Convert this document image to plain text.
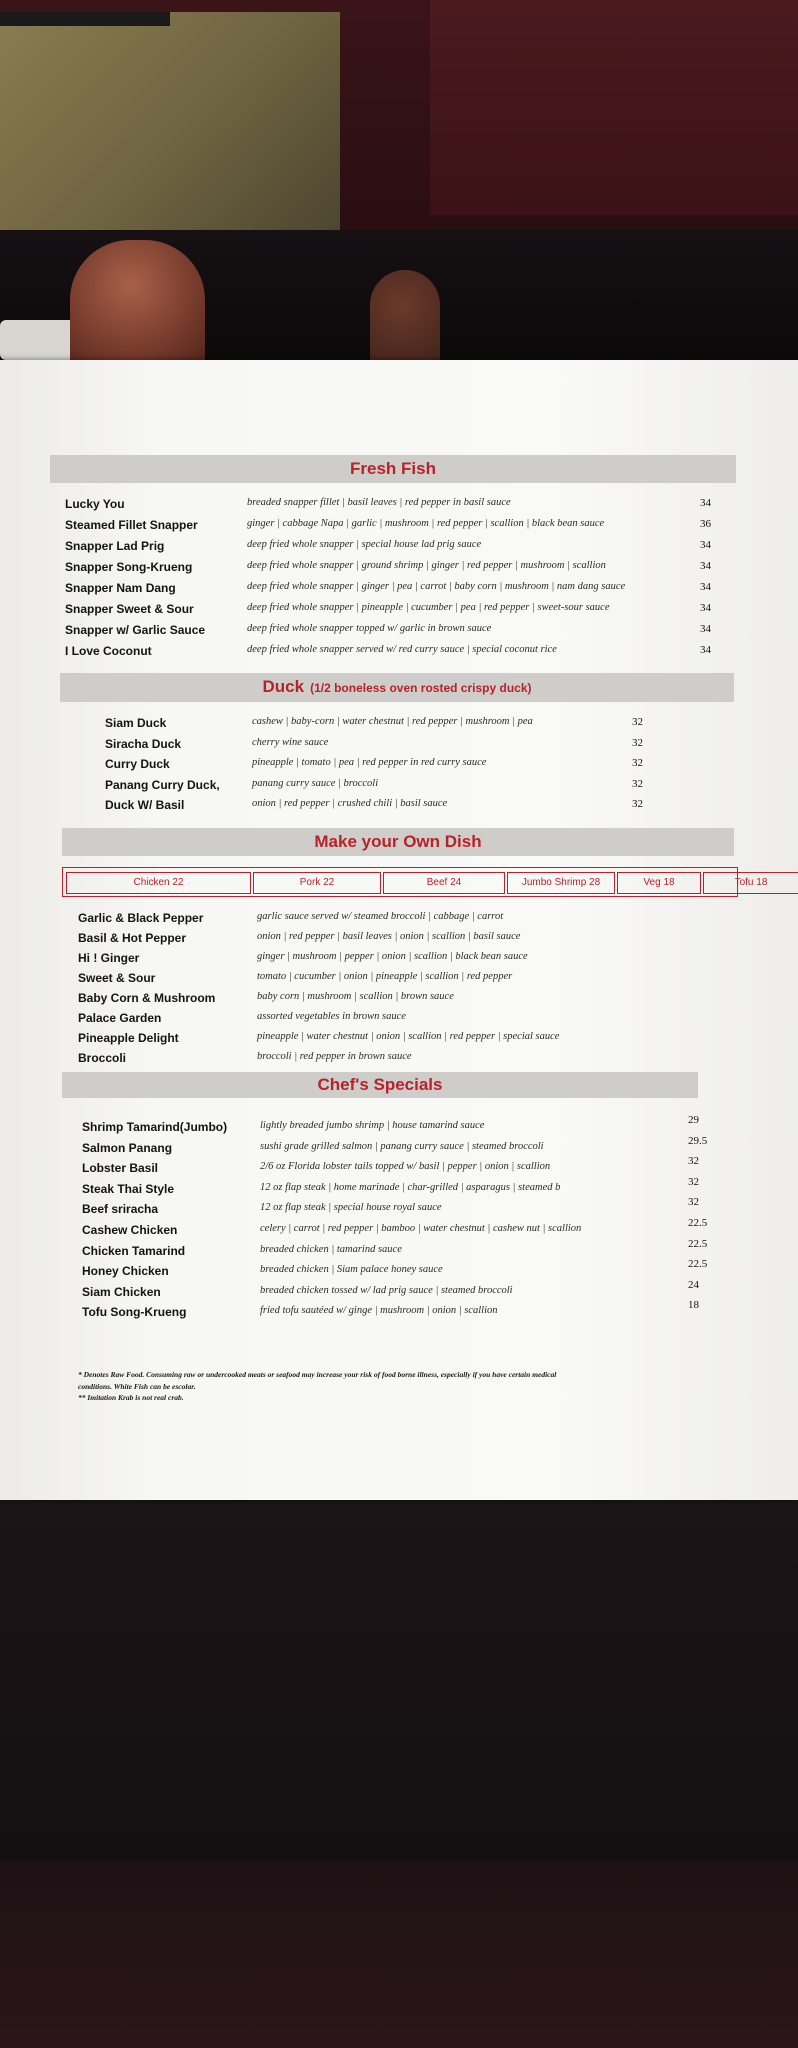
Fresh Fish
Lucky You	breaded snapper fillet | basil leaves | red pepper in basil sauce	34
Steamed Fillet Snapper	ginger | cabbage Napa | garlic | mushroom | red pepper | scallion | black bean sauce	36
Snapper Lad Prig	deep fried whole snapper | special house lad prig sauce	34
Snapper Song-Krueng	deep fried whole snapper | ground shrimp | ginger | red pepper | mushroom | scallion	34
Snapper Nam Dang	deep fried whole snapper | ginger | pea | carrot | baby corn | mushroom | nam dang sauce	34
Snapper Sweet & Sour	deep fried whole snapper | pineapple | cucumber | pea | red pepper | sweet-sour sauce	34
Snapper w/ Garlic Sauce	deep fried whole snapper topped w/ garlic in brown sauce	34
I Love Coconut	deep fried whole snapper served w/ red curry sauce | special coconut rice	34
Duck (1/2 boneless oven rosted crispy duck)
Siam Duck	cashew | baby-corn | water chestnut | red pepper | mushroom | pea	32
Siracha Duck	cherry wine sauce	32
Curry Duck	pineapple | tomato | pea | red pepper in red curry sauce	32
Panang Curry Duck,	panang curry sauce | broccoli	32
Duck W/ Basil	onion | red pepper | crushed chili | basil sauce	32
Make your Own Dish
Chicken 22	Pork 22	Beef 24	Jumbo Shrimp 28	Veg 18	Tofu 18
Garlic & Black Pepper	garlic sauce served w/ steamed broccoli | cabbage | carrot
Basil & Hot Pepper	onion | red pepper | basil leaves | onion | scallion | basil sauce
Hi ! Ginger	ginger | mushroom | pepper | onion | scallion | black bean sauce
Sweet & Sour	tomato | cucumber | onion | pineapple | scallion | red pepper
Baby Corn & Mushroom	baby corn | mushroom | scallion | brown sauce
Palace Garden	assorted vegetables in brown sauce
Pineapple Delight	pineapple | water chestnut | onion | scallion | red pepper | special sauce
Broccoli	broccoli | red pepper in brown sauce
Chef's Specials
Shrimp Tamarind(Jumbo)	lightly breaded jumbo shrimp | house tamarind sauce	29
Salmon Panang	sushi grade grilled salmon | panang curry sauce | steamed broccoli	29.5
Lobster Basil	2/6 oz Florida lobster tails topped w/ basil | pepper | onion | scallion	32
Steak Thai Style	12 oz flap steak | home marinade | char-grilled | asparagus | steamed b	32
Beef sriracha	12 oz flap steak | special house royal sauce	32
Cashew Chicken	celery | carrot | red pepper | bamboo | water chestnut | cashew nut | scallion	22.5
Chicken Tamarind	breaded chicken | tamarind sauce	22.5
Honey Chicken	breaded chicken | Siam palace honey sauce	22.5
Siam Chicken	breaded chicken tossed w/ lad prig sauce | steamed broccoli	24
Tofu Song-Krueng	fried tofu sautéed w/ ginge | mushroom | onion | scallion	18
* Denotes Raw Food. Consuming raw or undercooked meats or seafood may increase your risk of food borne illness, especially if you have certain medical
conditions. White Fish can be escolar.
** Imitation Krab is not real crab.
